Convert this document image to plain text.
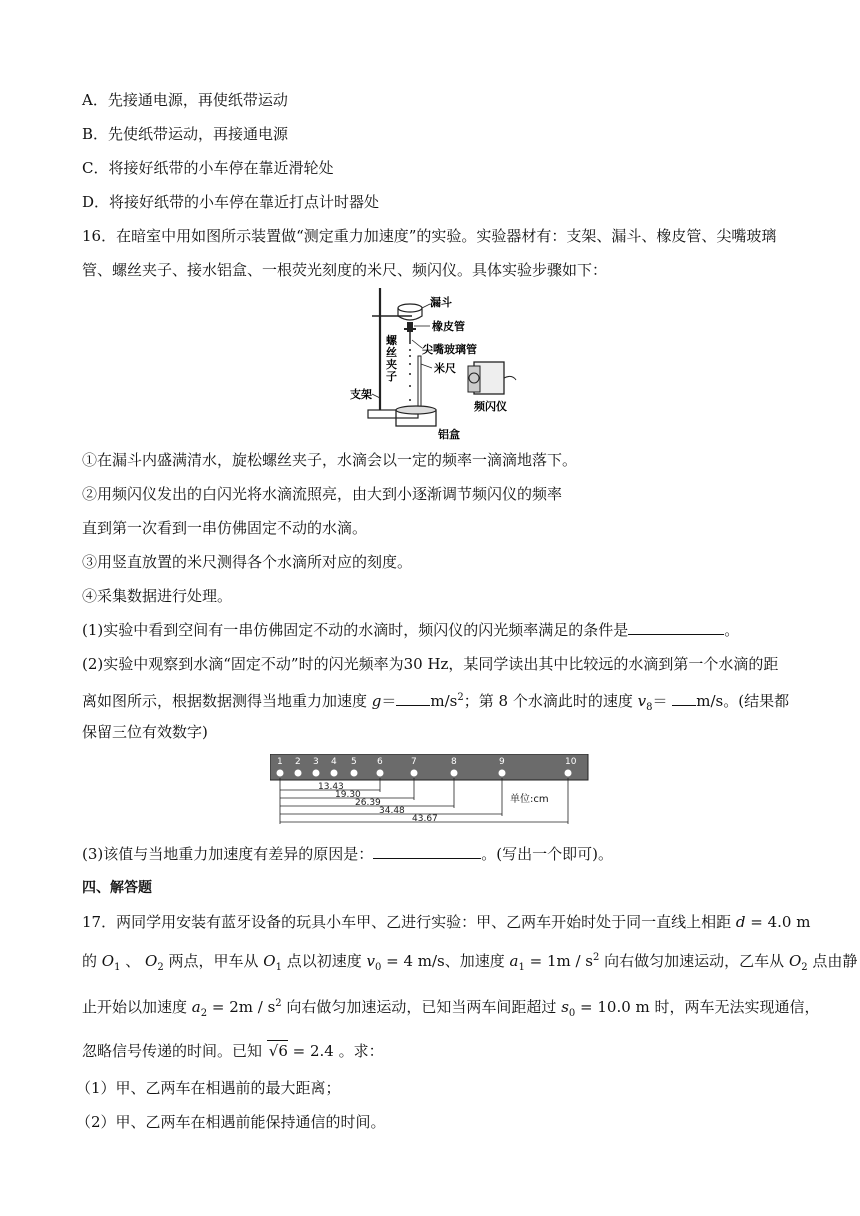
A．先接通电源，再使纸带运动
B．先使纸带运动，再接通电源
C．将接好纸带的小车停在靠近滑轮处
D．将接好纸带的小车停在靠近打点计时器处
16．在暗室中用如图所示装置做“测定重力加速度”的实验。实验器材有：支架、漏斗、橡皮管、尖嘴玻璃
管、螺丝夹子、接水铝盒、一根荧光刻度的米尺、频闪仪。具体实验步骤如下：
漏斗
橡皮管
尖嘴玻璃管
米尺
支架
频闪仪
铝盒
螺
丝
夹
子
①在漏斗内盛满清水，旋松螺丝夹子，水滴会以一定的频率一滴滴地落下。
②用频闪仪发出的白闪光将水滴流照亮，由大到小逐渐调节频闪仪的频率
直到第一次看到一串仿佛固定不动的水滴。
③用竖直放置的米尺测得各个水滴所对应的刻度。
④采集数据进行处理。
(1)实验中看到空间有一串仿佛固定不动的水滴时，频闪仪的闪光频率满足的条件是	。
(2)实验中观察到水滴“固定不动”时的闪光频率为30 Hz，某同学读出其中比较远的水滴到第一个水滴的距
离如图所示，根据数据测得当地重力加速度 $g= m/s^2$；第 8 个水滴此时的速度 $v_8= m/s$。(结果都
保留三位有效数字)
1 2 3 4 5 6	7	8	9	10
13.43
19.30
26.39
34.48
43.67
单位:cm
(3)该值与当地重力加速度有差异的原因是：	。(写出一个即可)。
四、解答题
17．两同学用安装有蓝牙设备的玩具小车甲、乙进行实验：甲、乙两车开始时处于同一直线上相距 d = 4.0 m
的 $O_1$ 、 $O_2$ 两点，甲车从 $O_1$ 点以初速度 $v_0 = 4$ m/s、加速度 $a_1 = 1m / s^2$ 向右做匀加速运动，乙车从 $O_2$ 点由静
止开始以加速度 $a_2 = 2m / s^2$ 向右做匀加速运动，已知当两车间距超过 $s_0 = 10.0$ m 时，两车无法实现通信，
忽略信号传递的时间。已知 √6 = 2.4 。求：
（1）甲、乙两车在相遇前的最大距离；
（2）甲、乙两车在相遇前能保持通信的时间。
